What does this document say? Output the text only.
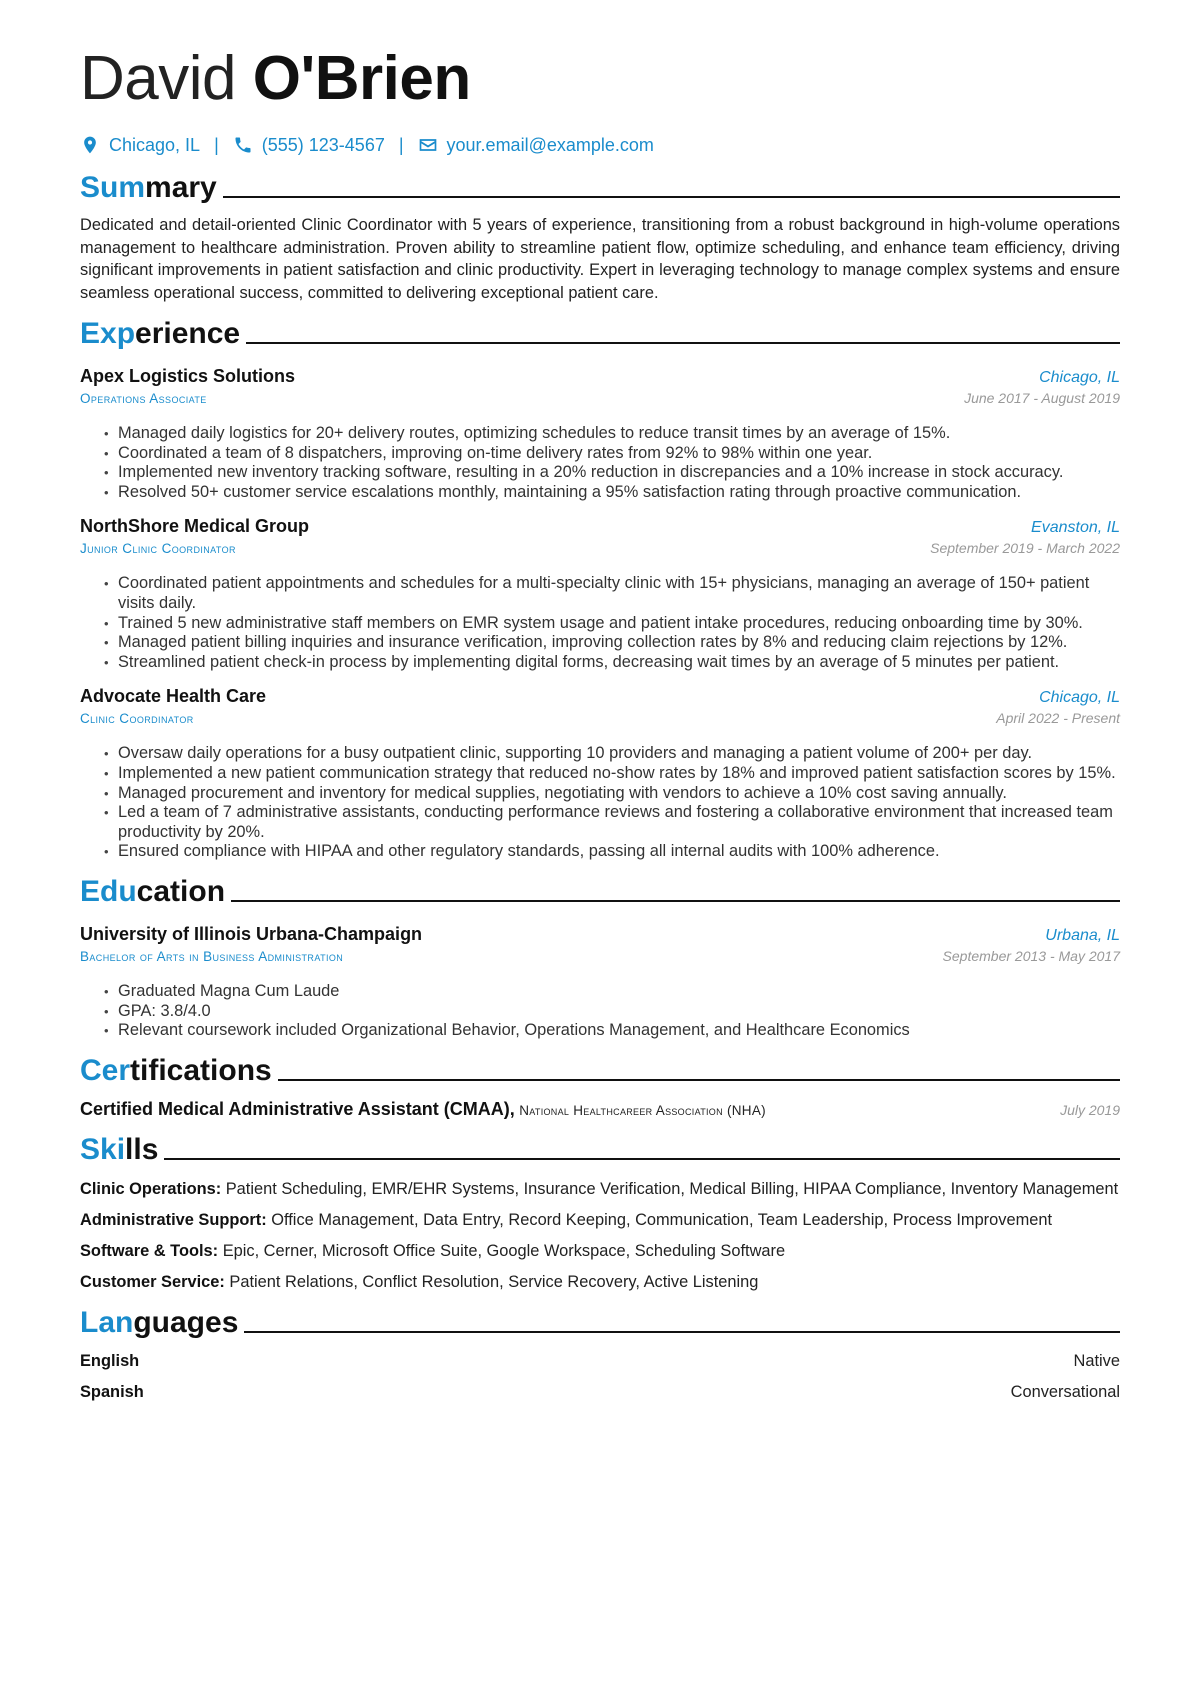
David O'Brien
Chicago, IL | (555) 123-4567 | your.email@example.com
Summary

Dedicated and detail-oriented Clinic Coordinator with 5 years of experience, transitioning from a robust background in high-volume operations management to healthcare administration. Proven ability to streamline patient flow, optimize scheduling, and enhance team efficiency, driving significant improvements in patient satisfaction and clinic productivity. Expert in leveraging technology to manage complex systems and ensure seamless operational success, committed to delivering exceptional patient care.

Experience
Apex Logistics Solutions	Chicago, IL
Operations Associate	June 2017 - August 2019
• Managed daily logistics for 20+ delivery routes, optimizing schedules to reduce transit times by an average of 15%.
• Coordinated a team of 8 dispatchers, improving on-time delivery rates from 92% to 98% within one year.
• Implemented new inventory tracking software, resulting in a 20% reduction in discrepancies and a 10% increase in stock accuracy.
• Resolved 50+ customer service escalations monthly, maintaining a 95% satisfaction rating through proactive communication.
NorthShore Medical Group	Evanston, IL
Junior Clinic Coordinator	September 2019 - March 2022
• Coordinated patient appointments and schedules for a multi-specialty clinic with 15+ physicians, managing an average of 150+ patient visits daily.
• Trained 5 new administrative staff members on EMR system usage and patient intake procedures, reducing onboarding time by 30%.
• Managed patient billing inquiries and insurance verification, improving collection rates by 8% and reducing claim rejections by 12%.
• Streamlined patient check-in process by implementing digital forms, decreasing wait times by an average of 5 minutes per patient.
Advocate Health Care	Chicago, IL
Clinic Coordinator	April 2022 - Present
• Oversaw daily operations for a busy outpatient clinic, supporting 10 providers and managing a patient volume of 200+ per day.
• Implemented a new patient communication strategy that reduced no-show rates by 18% and improved patient satisfaction scores by 15%.
• Managed procurement and inventory for medical supplies, negotiating with vendors to achieve a 10% cost saving annually.
• Led a team of 7 administrative assistants, conducting performance reviews and fostering a collaborative environment that increased team productivity by 20%.
• Ensured compliance with HIPAA and other regulatory standards, passing all internal audits with 100% adherence.
Education
University of Illinois Urbana-Champaign	Urbana, IL
Bachelor of Arts in Business Administration	September 2013 - May 2017
• Graduated Magna Cum Laude
• GPA: 3.8/4.0
• Relevant coursework included Organizational Behavior, Operations Management, and Healthcare Economics
Certifications
Certified Medical Administrative Assistant (CMAA), National Healthcareer Association (NHA)	July 2019
Skills
Clinic Operations: Patient Scheduling, EMR/EHR Systems, Insurance Verification, Medical Billing, HIPAA Compliance, Inventory Management
Administrative Support: Office Management, Data Entry, Record Keeping, Communication, Team Leadership, Process Improvement
Software & Tools: Epic, Cerner, Microsoft Office Suite, Google Workspace, Scheduling Software
Customer Service: Patient Relations, Conflict Resolution, Service Recovery, Active Listening
Languages
English	Native
Spanish	Conversational
